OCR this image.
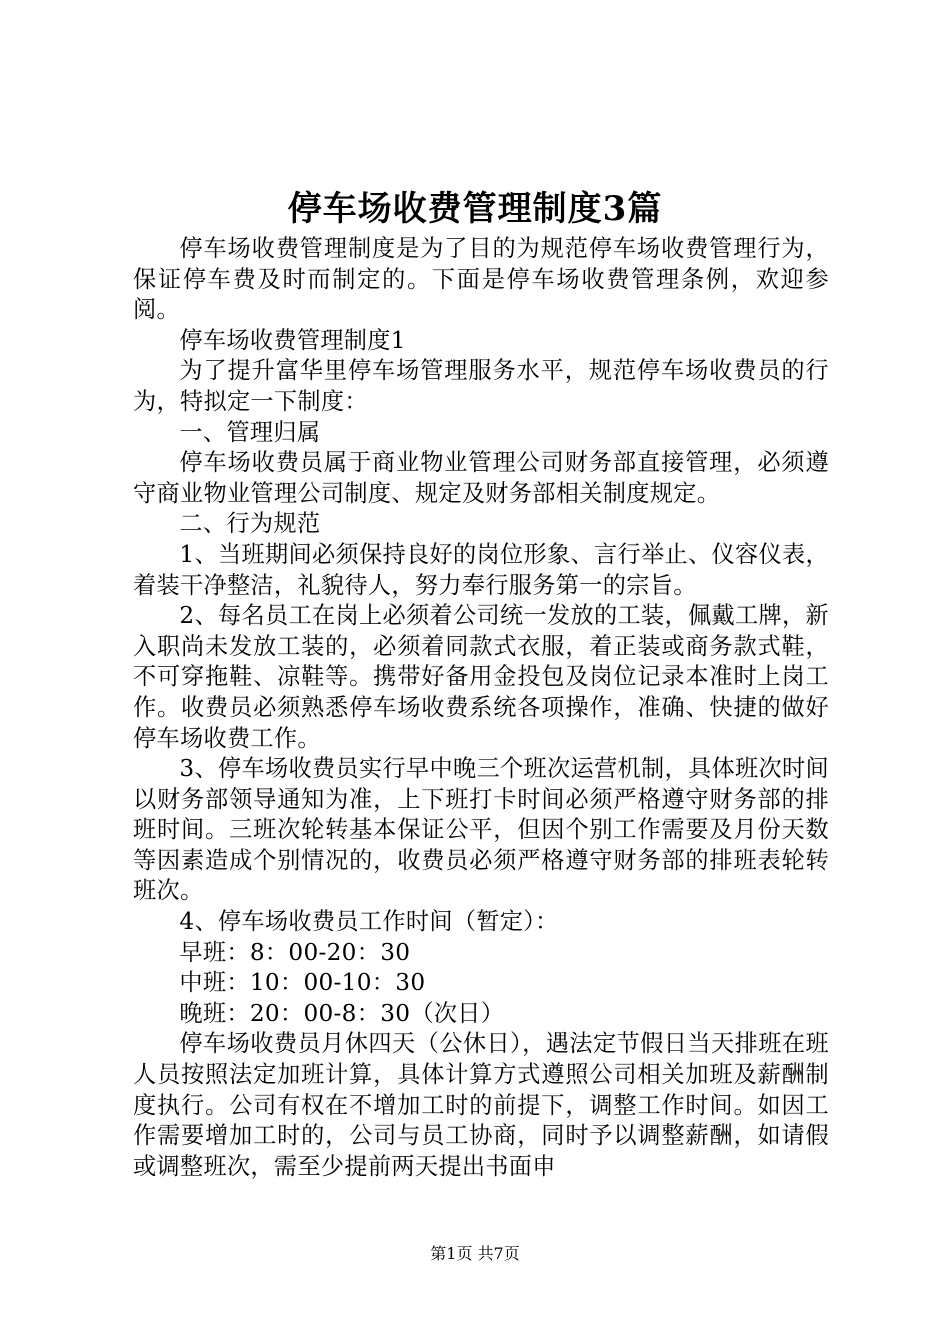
停车场收费管理制度3篇

停车场收费管理制度是为了目的为规范停车场收费管理行为，保证停车费及时而制定的。下面是停车场收费管理条例，欢迎参阅。

停车场收费管理制度1

为了提升富华里停车场管理服务水平，规范停车场收费员的行为，特拟定一下制度：

一、管理归属

停车场收费员属于商业物业管理公司财务部直接管理，必须遵守商业物业管理公司制度、规定及财务部相关制度规定。

二、行为规范

1、当班期间必须保持良好的岗位形象、言行举止、仪容仪表，着装干净整洁，礼貌待人，努力奉行服务第一的宗旨。

2、每名员工在岗上必须着公司统一发放的工装，佩戴工牌，新入职尚未发放工装的，必须着同款式衣服，着正装或商务款式鞋，不可穿拖鞋、凉鞋等。携带好备用金投包及岗位记录本准时上岗工作。收费员必须熟悉停车场收费系统各项操作，准确、快捷的做好停车场收费工作。

3、停车场收费员实行早中晚三个班次运营机制，具体班次时间以财务部领导通知为准，上下班打卡时间必须严格遵守财务部的排班时间。三班次轮转基本保证公平，但因个别工作需要及月份天数等因素造成个别情况的，收费员必须严格遵守财务部的排班表轮转班次。

4、停车场收费员工作时间（暂定）：

早班：8：00-20：30

中班：10：00-10：30

晚班：20：00-8：30（次日）

停车场收费员月休四天（公休日），遇法定节假日当天排班在班人员按照法定加班计算，具体计算方式遵照公司相关加班及薪酬制度执行。公司有权在不增加工时的前提下，调整工作时间。如因工作需要增加工时的，公司与员工协商，同时予以调整薪酬，如请假或调整班次，需至少提前两天提出书面申

第1页 共7页
